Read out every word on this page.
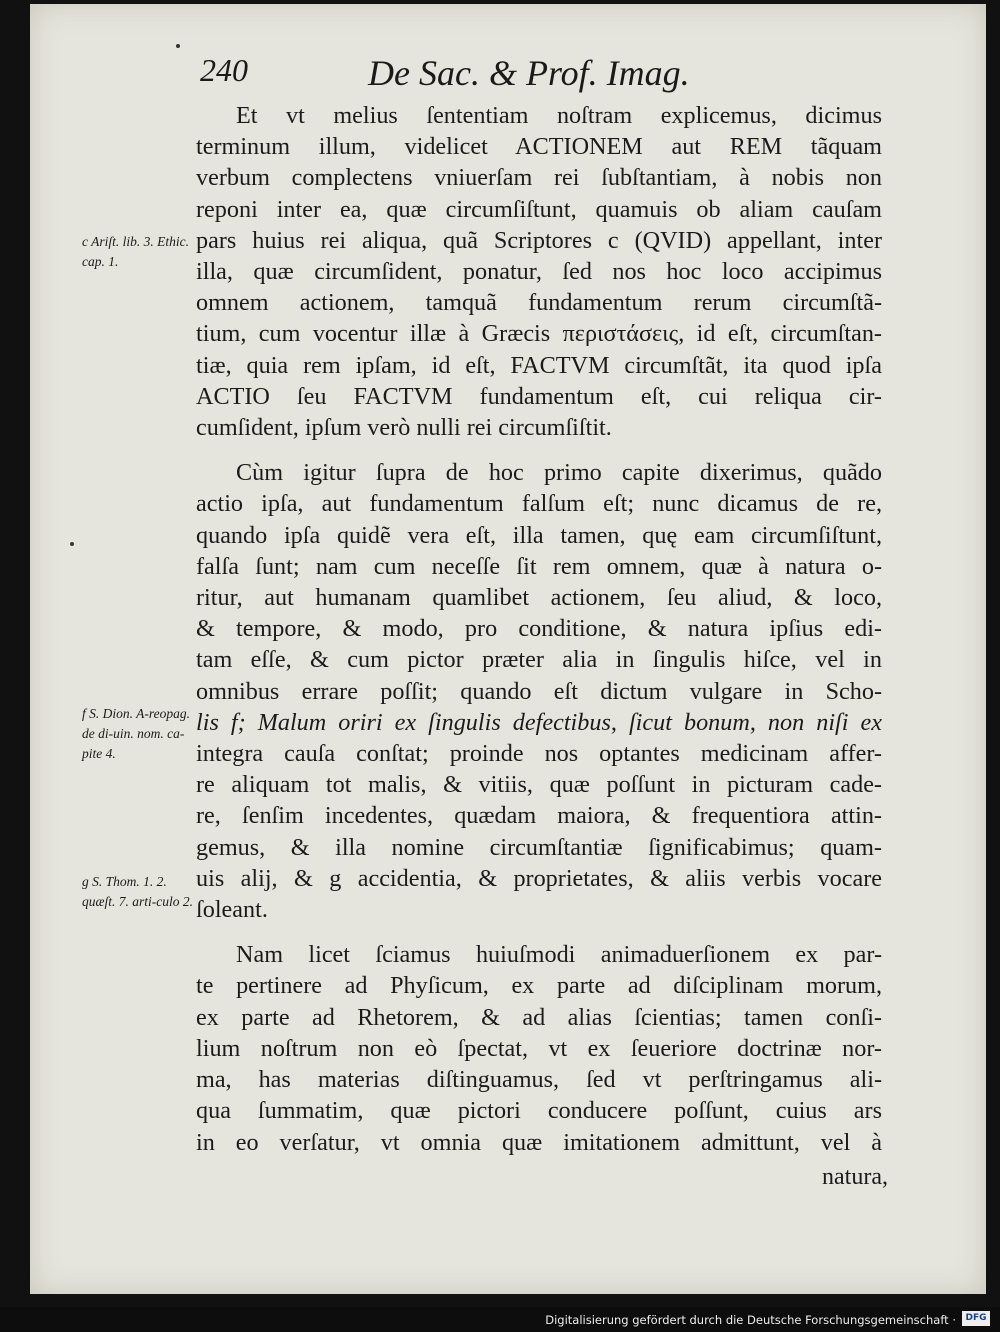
240	De Sac. & Prof. Imag.
c Ariſt. lib. 3. Ethic. cap. 1.
f S. Dion. A-reopag. de di-uin. nom. ca-pite 4.
g S. Thom. 1. 2. quæſt. 7. arti-culo 2.
Et vt melius ſententiam noſtram explicemus, dicimus
terminum illum, videlicet ACTIONEM aut REM tãquam
verbum complectens vniuerſam rei ſubſtantiam, à nobis non
reponi inter ea, quæ circumſiſtunt, quamuis ob aliam cauſam
pars huius rei aliqua, quã Scriptores c (QVID) appellant, inter
illa, quæ circumſident, ponatur, ſed nos hoc loco accipimus
omnem actionem, tamquã fundamentum rerum circumſtã-
tium, cum vocentur illæ à Græcis περιστάσεις, id eſt, circumſtan-
tiæ, quia rem ipſam, id eſt, FACTVM circumſtãt, ita quod ipſa
ACTIO ſeu FACTVM fundamentum eſt, cui reliqua cir-
cumſident, ipſum verò nulli rei circumſiſtit.
Cùm igitur ſupra de hoc primo capite dixerimus, quãdo
actio ipſa, aut fundamentum falſum eſt; nunc dicamus de re,
quando ipſa quidẽ vera eſt, illa tamen, quę eam circumſiſtunt,
falſa ſunt; nam cum neceſſe ſit rem omnem, quæ à natura o-
ritur, aut humanam quamlibet actionem, ſeu aliud, & loco,
& tempore, & modo, pro conditione, & natura ipſius edi-
tam eſſe, & cum pictor præter alia in ſingulis hiſce, vel in
omnibus errare poſſit; quando eſt dictum vulgare in Scho-
lis f; Malum oriri ex ſingulis defectibus, ſicut bonum, non niſi ex
integra cauſa conſtat; proinde nos optantes medicinam affer-
re aliquam tot malis, & vitiis, quæ poſſunt in picturam cade-
re, ſenſim incedentes, quædam maiora, & frequentiora attin-
gemus, & illa nomine circumſtantiæ ſignificabimus; quam-
uis alij, & g accidentia, & proprietates, & aliis verbis vocare
ſoleant.
Nam licet ſciamus huiuſmodi animaduerſionem ex par-
te pertinere ad Phyſicum, ex parte ad diſciplinam morum,
ex parte ad Rhetorem, & ad alias ſcientias; tamen conſi-
lium noſtrum non eò ſpectat, vt ex ſeueriore doctrinæ nor-
ma, has materias diſtinguamus, ſed vt perſtringamus ali-
qua ſummatim, quæ pictori conducere poſſunt, cuius ars
in eo verſatur, vt omnia quæ imitationem admittunt, vel à
natura,
Digitalisierung gefördert durch die Deutsche Forschungsgemeinschaft ·	DFG
